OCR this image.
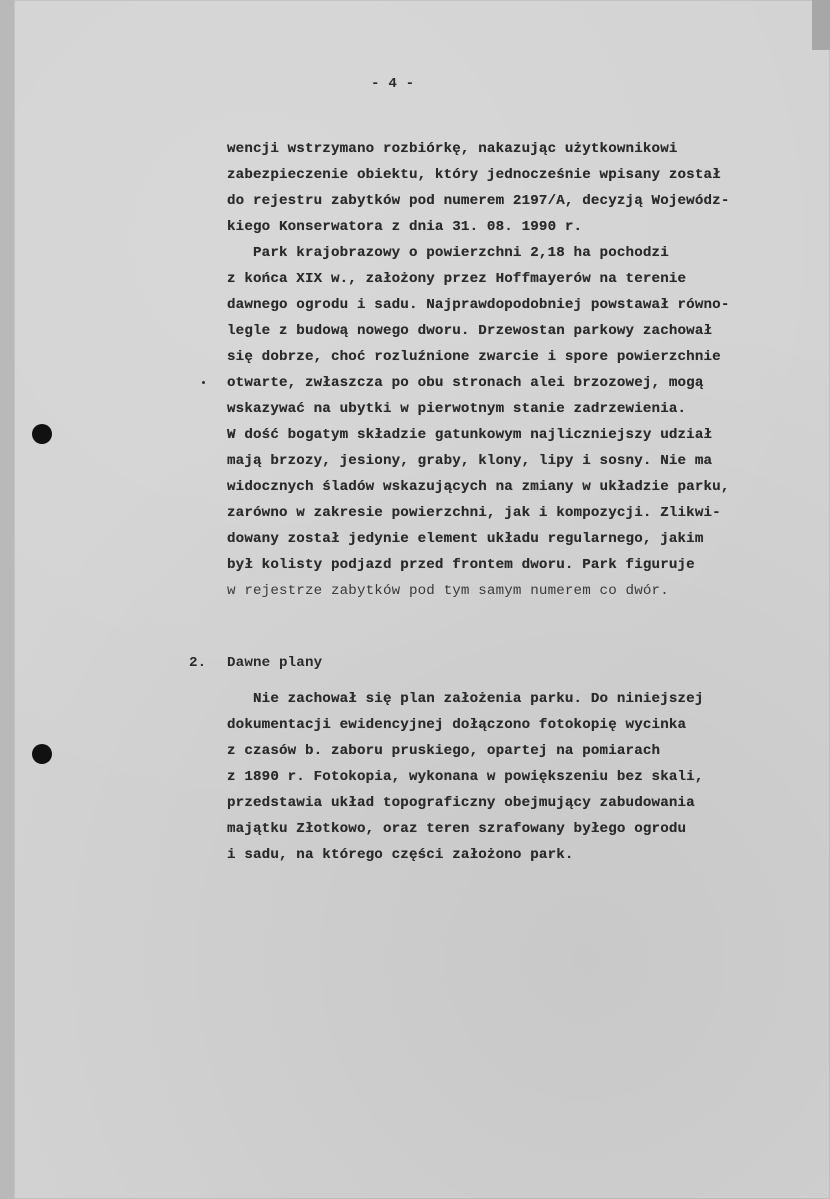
- 4 -
wencji wstrzymano rozbiórkę, nakazując użytkownikowi
zabezpieczenie obiektu, który jednocześnie wpisany został
do rejestru zabytków pod numerem 2197/A, decyzją Wojewódz-
kiego Konserwatora z dnia 31. 08. 1990 r.
Park krajobrazowy o powierzchni 2,18 ha pochodzi
z końca XIX w., założony przez Hoffmayerów na terenie
dawnego ogrodu i sadu. Najprawdopodobniej powstawał równo-
legle z budową nowego dworu. Drzewostan parkowy zachował
się dobrze, choć rozluźnione zwarcie i spore powierzchnie
otwarte, zwłaszcza po obu stronach alei brzozowej, mogą
wskazywać na ubytki w pierwotnym stanie zadrzewienia.
W dość bogatym składzie gatunkowym najliczniejszy udział
mają brzozy, jesiony, graby, klony, lipy i sosny. Nie ma
widocznych śladów wskazujących na zmiany w układzie parku,
zarówno w zakresie powierzchni, jak i kompozycji. Zlikwi-
dowany został jedynie element układu regularnego, jakim
był kolisty podjazd przed frontem dworu. Park figuruje
w rejestrze zabytków pod tym samym numerem co dwór.
2. Dawne plany
Nie zachował się plan założenia parku. Do niniejszej
dokumentacji ewidencyjnej dołączono fotokopię wycinka
z czasów b. zaboru pruskiego, opartej na pomiarach
z 1890 r. Fotokopia, wykonana w powiększeniu bez skali,
przedstawia układ topograficzny obejmujący zabudowania
majątku Złotkowo, oraz teren szrafowany byłego ogrodu
i sadu, na którego części założono park.
